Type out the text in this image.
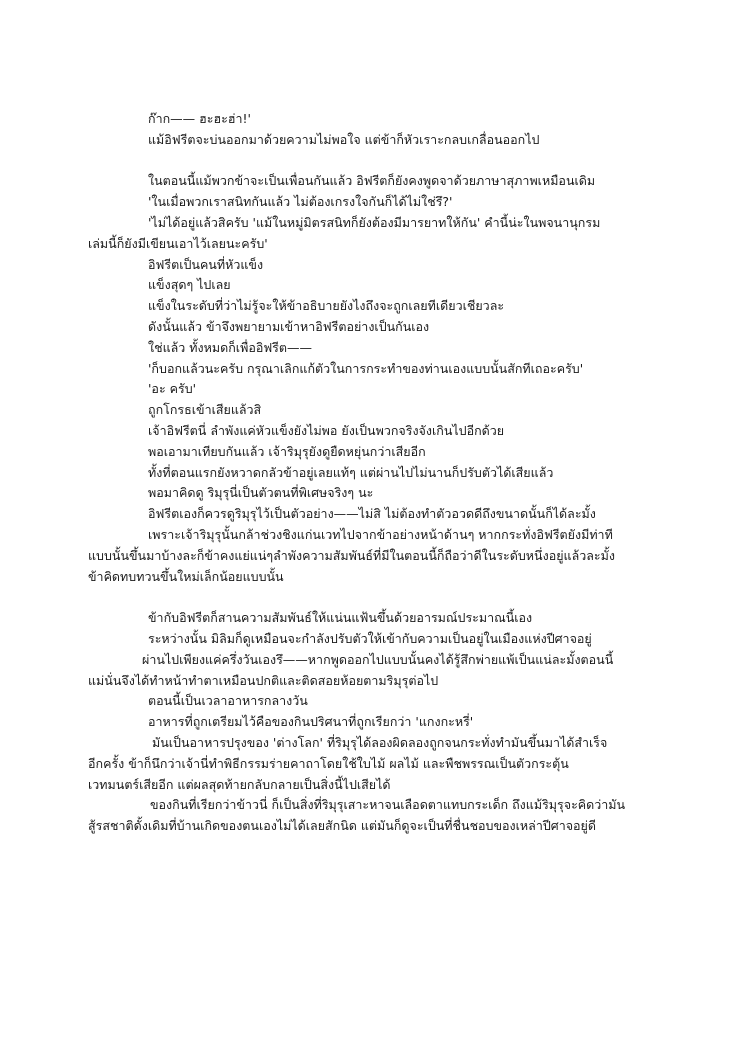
ก๊าก—— ฮะฮะฮ่า!'
แม้อิฟรีตจะบ่นออกมาด้วยความไม่พอใจ แต่ข้าก็หัวเราะกลบเกลื่อนออกไป
ในตอนนี้แม้พวกข้าจะเป็นเพื่อนกันแล้ว อิฟรีตก็ยังคงพูดจาด้วยภาษาสุภาพเหมือนเดิม
'ในเมื่อพวกเราสนิทกันแล้ว ไม่ต้องเกรงใจกันก็ได้ไม่ใช่รึ?'
'ไม่ได้อยู่แล้วสิครับ 'แม้ในหมู่มิตรสนิทก็ยังต้องมีมารยาทให้กัน' คำนี้น่ะในพจนานุกรม
เล่มนี้ก็ยังมีเขียนเอาไว้เลยนะครับ'
อิฟรีตเป็นคนที่หัวแข็ง
แข็งสุดๆ ไปเลย
แข็งในระดับที่ว่าไม่รู้จะให้ข้าอธิบายยังไงถึงจะถูกเลยทีเดียวเชียวละ
ดังนั้นแล้ว ข้าจึงพยายามเข้าหาอิฟรีตอย่างเป็นกันเอง
ใช่แล้ว ทั้งหมดก็เพื่ออิฟรีต——
'ก็บอกแล้วนะครับ กรุณาเลิกแก้ตัวในการกระทำของท่านเองแบบนั้นสักทีเถอะครับ'
'อะ ครับ'
ถูกโกรธเข้าเสียแล้วสิ
เจ้าอิฟรีตนี่ ลำพังแค่หัวแข็งยังไม่พอ ยังเป็นพวกจริงจังเกินไปอีกด้วย
พอเอามาเทียบกันแล้ว เจ้าริมุรุยังดูยืดหยุ่นกว่าเสียอีก
ทั้งที่ตอนแรกยังหวาดกลัวข้าอยู่เลยแท้ๆ แต่ผ่านไปไม่นานก็ปรับตัวได้เสียแล้ว
พอมาคิดดู ริมุรุนี่เป็นตัวตนที่พิเศษจริงๆ นะ
อิฟรีตเองก็ควรดูริมุรุไว้เป็นตัวอย่าง——ไม่สิ ไม่ต้องทำตัวอวดดีถึงขนาดนั้นก็ได้ละมั้ง
เพราะเจ้าริมุรุนั้นกล้าช่วงชิงแก่นเวทไปจากข้าอย่างหน้าด้านๆ หากกระทั่งอิฟรีตยังมีท่าที
แบบนั้นขึ้นมาบ้างละก็ข้าคงแย่แน่ๆลำพังความสัมพันธ์ที่มีในตอนนี้ก็ถือว่าดีในระดับหนึ่งอยู่แล้วละมั้ง
ข้าคิดทบทวนขึ้นใหม่เล็กน้อยแบบนั้น
ข้ากับอิฟรีตก็สานความสัมพันธ์ให้แน่นแฟ้นขึ้นด้วยอารมณ์ประมาณนี้เอง
ระหว่างนั้น มิลิมก็ดูเหมือนจะกำลังปรับตัวให้เข้ากับความเป็นอยู่ในเมืองแห่งปีศาจอยู่
ผ่านไปเพียงแค่ครึ่งวันเองรึ——หากพูดออกไปแบบนั้นคงได้รู้สึกพ่ายแพ้เป็นแน่ละมั้งตอนนี้
แม่นั่นจึงได้ทำหน้าทำตาเหมือนปกติและติดสอยห้อยตามริมุรุต่อไป
ตอนนี้เป็นเวลาอาหารกลางวัน
อาหารที่ถูกเตรียมไว้คือของกินปริศนาที่ถูกเรียกว่า 'แกงกะหรี่'
มันเป็นอาหารปรุงของ 'ต่างโลก' ที่ริมุรุได้ลองผิดลองถูกจนกระทั่งทำมันขึ้นมาได้สำเร็จ
อีกครั้ง ข้าก็นึกว่าเจ้านี่ทำพิธีกรรมร่ายคาถาโดยใช้ใบไม้ ผลไม้ และพืชพรรณเป็นตัวกระตุ้น
เวทมนตร์เสียอีก แต่ผลสุดท้ายกลับกลายเป็นสิ่งนี้ไปเสียได้
ของกินที่เรียกว่าข้าวนี่ ก็เป็นสิ่งที่ริมุรุเสาะหาจนเลือดตาแทบกระเด็ก ถึงแม้ริมุรุจะคิดว่ามัน
สู้รสชาติดั้งเดิมที่บ้านเกิดของตนเองไม่ได้เลยสักนิด แต่มันก็ดูจะเป็นที่ชื่นชอบของเหล่าปีศาจอยู่ดี
